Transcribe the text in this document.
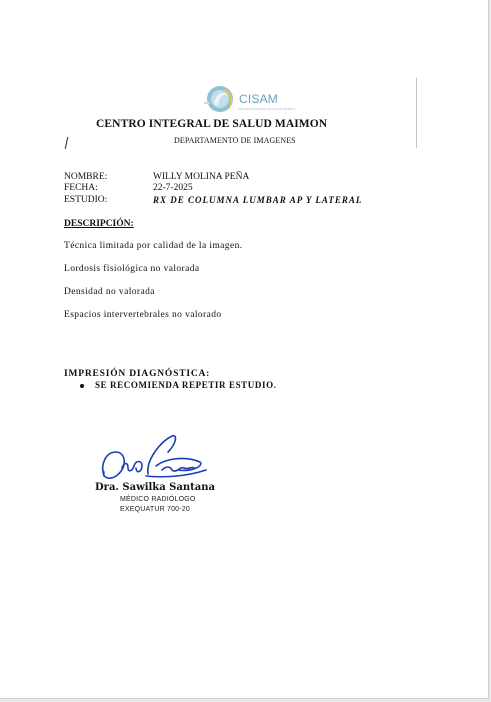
CISAM
CENTRO INTEGRAL DE SALUD MAIMON
CENTRO INTEGRAL DE SALUD MAIMON
DEPARTAMENTO DE IMAGENES
NOMBRE:	WILLY MOLINA PEÑA
FECHA:	22-7-2025
ESTUDIO:	RX DE COLUMNA LUMBAR AP Y LATERAL
DESCRIPCIÓN:
Técnica limitada por calidad de la imagen.
Lordosis fisiológica no valorada
Densidad no valorada
Espacios intervertebrales no valorado
IMPRESIÓN DIAGNÓSTICA:
SE RECOMIENDA REPETIR ESTUDIO.
Dra. Sawilka Santana
MÉDICO RADIÓLOGO
EXEQUATUR 700-20
